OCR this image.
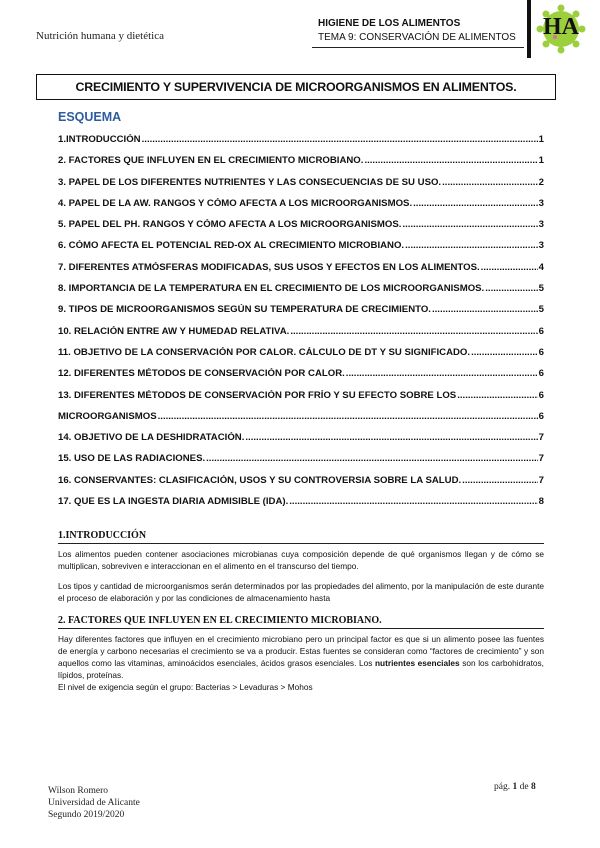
Nutrición humana y dietética
HIGIENE DE LOS ALIMENTOS
TEMA 9: CONSERVACIÓN DE ALIMENTOS HA
CRECIMIENTO Y SUPERVIVENCIA DE MICROORGANISMOS EN ALIMENTOS.
ESQUEMA
1.INTRODUCCIÓN .....	1
2. FACTORES QUE INFLUYEN EN EL CRECIMIENTO MICROBIANO. .....	1
3. PAPEL DE LOS DIFERENTES NUTRIENTES Y LAS CONSECUENCIAS DE SU USO. .....	2
4. PAPEL DE LA AW. RANGOS Y CÓMO AFECTA A LOS MICROORGANISMOS. .....	3
5. PAPEL DEL PH. RANGOS Y CÓMO AFECTA A LOS MICROORGANISMOS. .....	3
6. CÓMO AFECTA EL POTENCIAL RED-OX AL CRECIMIENTO MICROBIANO. .....	3
7. DIFERENTES ATMÓSFERAS MODIFICADAS, SUS USOS Y EFECTOS EN LOS ALIMENTOS. .....	4
8. IMPORTANCIA DE LA TEMPERATURA EN EL CRECIMIENTO DE LOS MICROORGANISMOS. .....	5
9. TIPOS DE MICROORGANISMOS SEGÚN SU TEMPERATURA DE CRECIMIENTO. .....	5
10. RELACIÓN ENTRE AW Y HUMEDAD RELATIVA. .....	6
11. OBJETIVO DE LA CONSERVACIÓN POR CALOR. CÁLCULO DE DT Y SU SIGNIFICADO. .....	6
12. DIFERENTES MÉTODOS DE CONSERVACIÓN POR CALOR. .....	6
13. DIFERENTES MÉTODOS DE CONSERVACIÓN POR FRÍO Y SU EFECTO SOBRE LOS .....	6
MICROORGANISMOS .....	6
14. OBJETIVO DE LA DESHIDRATACIÓN. .....	7
15. USO DE LAS RADIACIONES. .....	7
16. CONSERVANTES: CLASIFICACIÓN, USOS Y SU CONTROVERSIA SOBRE LA SALUD. .....	7
17. QUE ES LA INGESTA DIARIA ADMISIBLE (IDA). .....	8
1.INTRODUCCIÓN
Los alimentos pueden contener asociaciones microbianas cuya composición depende de qué organismos llegan y de cómo se multiplican, sobreviven e interaccionan en el alimento en el transcurso del tiempo.
Los tipos y cantidad de microorganismos serán determinados por las propiedades del alimento, por la manipulación de este durante el proceso de elaboración y por las condiciones de almacenamiento hasta
2. FACTORES QUE INFLUYEN EN EL CRECIMIENTO MICROBIANO.
Hay diferentes factores que influyen en el crecimiento microbiano pero un principal factor es que si un alimento posee las fuentes de energía y carbono necesarias el crecimiento se va a producir. Estas fuentes se consideran como “factores de crecimiento” y son aquellos como las vitaminas, aminoácidos esenciales, ácidos grasos esenciales. Los nutrientes esenciales son los carbohidratos, lípidos, proteínas.
El nivel de exigencia según el grupo: Bacterias > Levaduras > Mohos
Wilson Romero
Universidad de Alicante
Segundo 2019/2020
pág. 1 de 8
